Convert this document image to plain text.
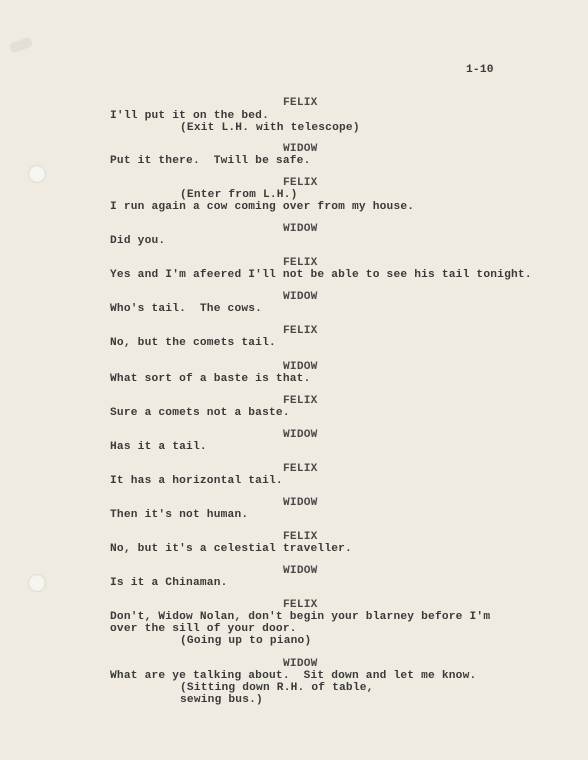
1-10
FELIX
I'll put it on the bed.
(Exit L.H. with telescope)
WIDOW
Put it there.  Twill be safe.
FELIX
(Enter from L.H.)
I run again a cow coming over from my house.
WIDOW
Did you.
FELIX
Yes and I'm afeered I'll not be able to see his tail tonight.
WIDOW
Who's tail.  The cows.
FELIX
No, but the comets tail.
WIDOW
What sort of a baste is that.
FELIX
Sure a comets not a baste.
WIDOW
Has it a tail.
FELIX
It has a horizontal tail.
WIDOW
Then it's not human.
FELIX
No, but it's a celestial traveller.
WIDOW
Is it a Chinaman.
FELIX
Don't, Widow Nolan, don't begin your blarney before I'm
over the sill of your door.
(Going up to piano)
WIDOW
What are ye talking about.  Sit down and let me know.
(Sitting down R.H. of table,
sewing bus.)
